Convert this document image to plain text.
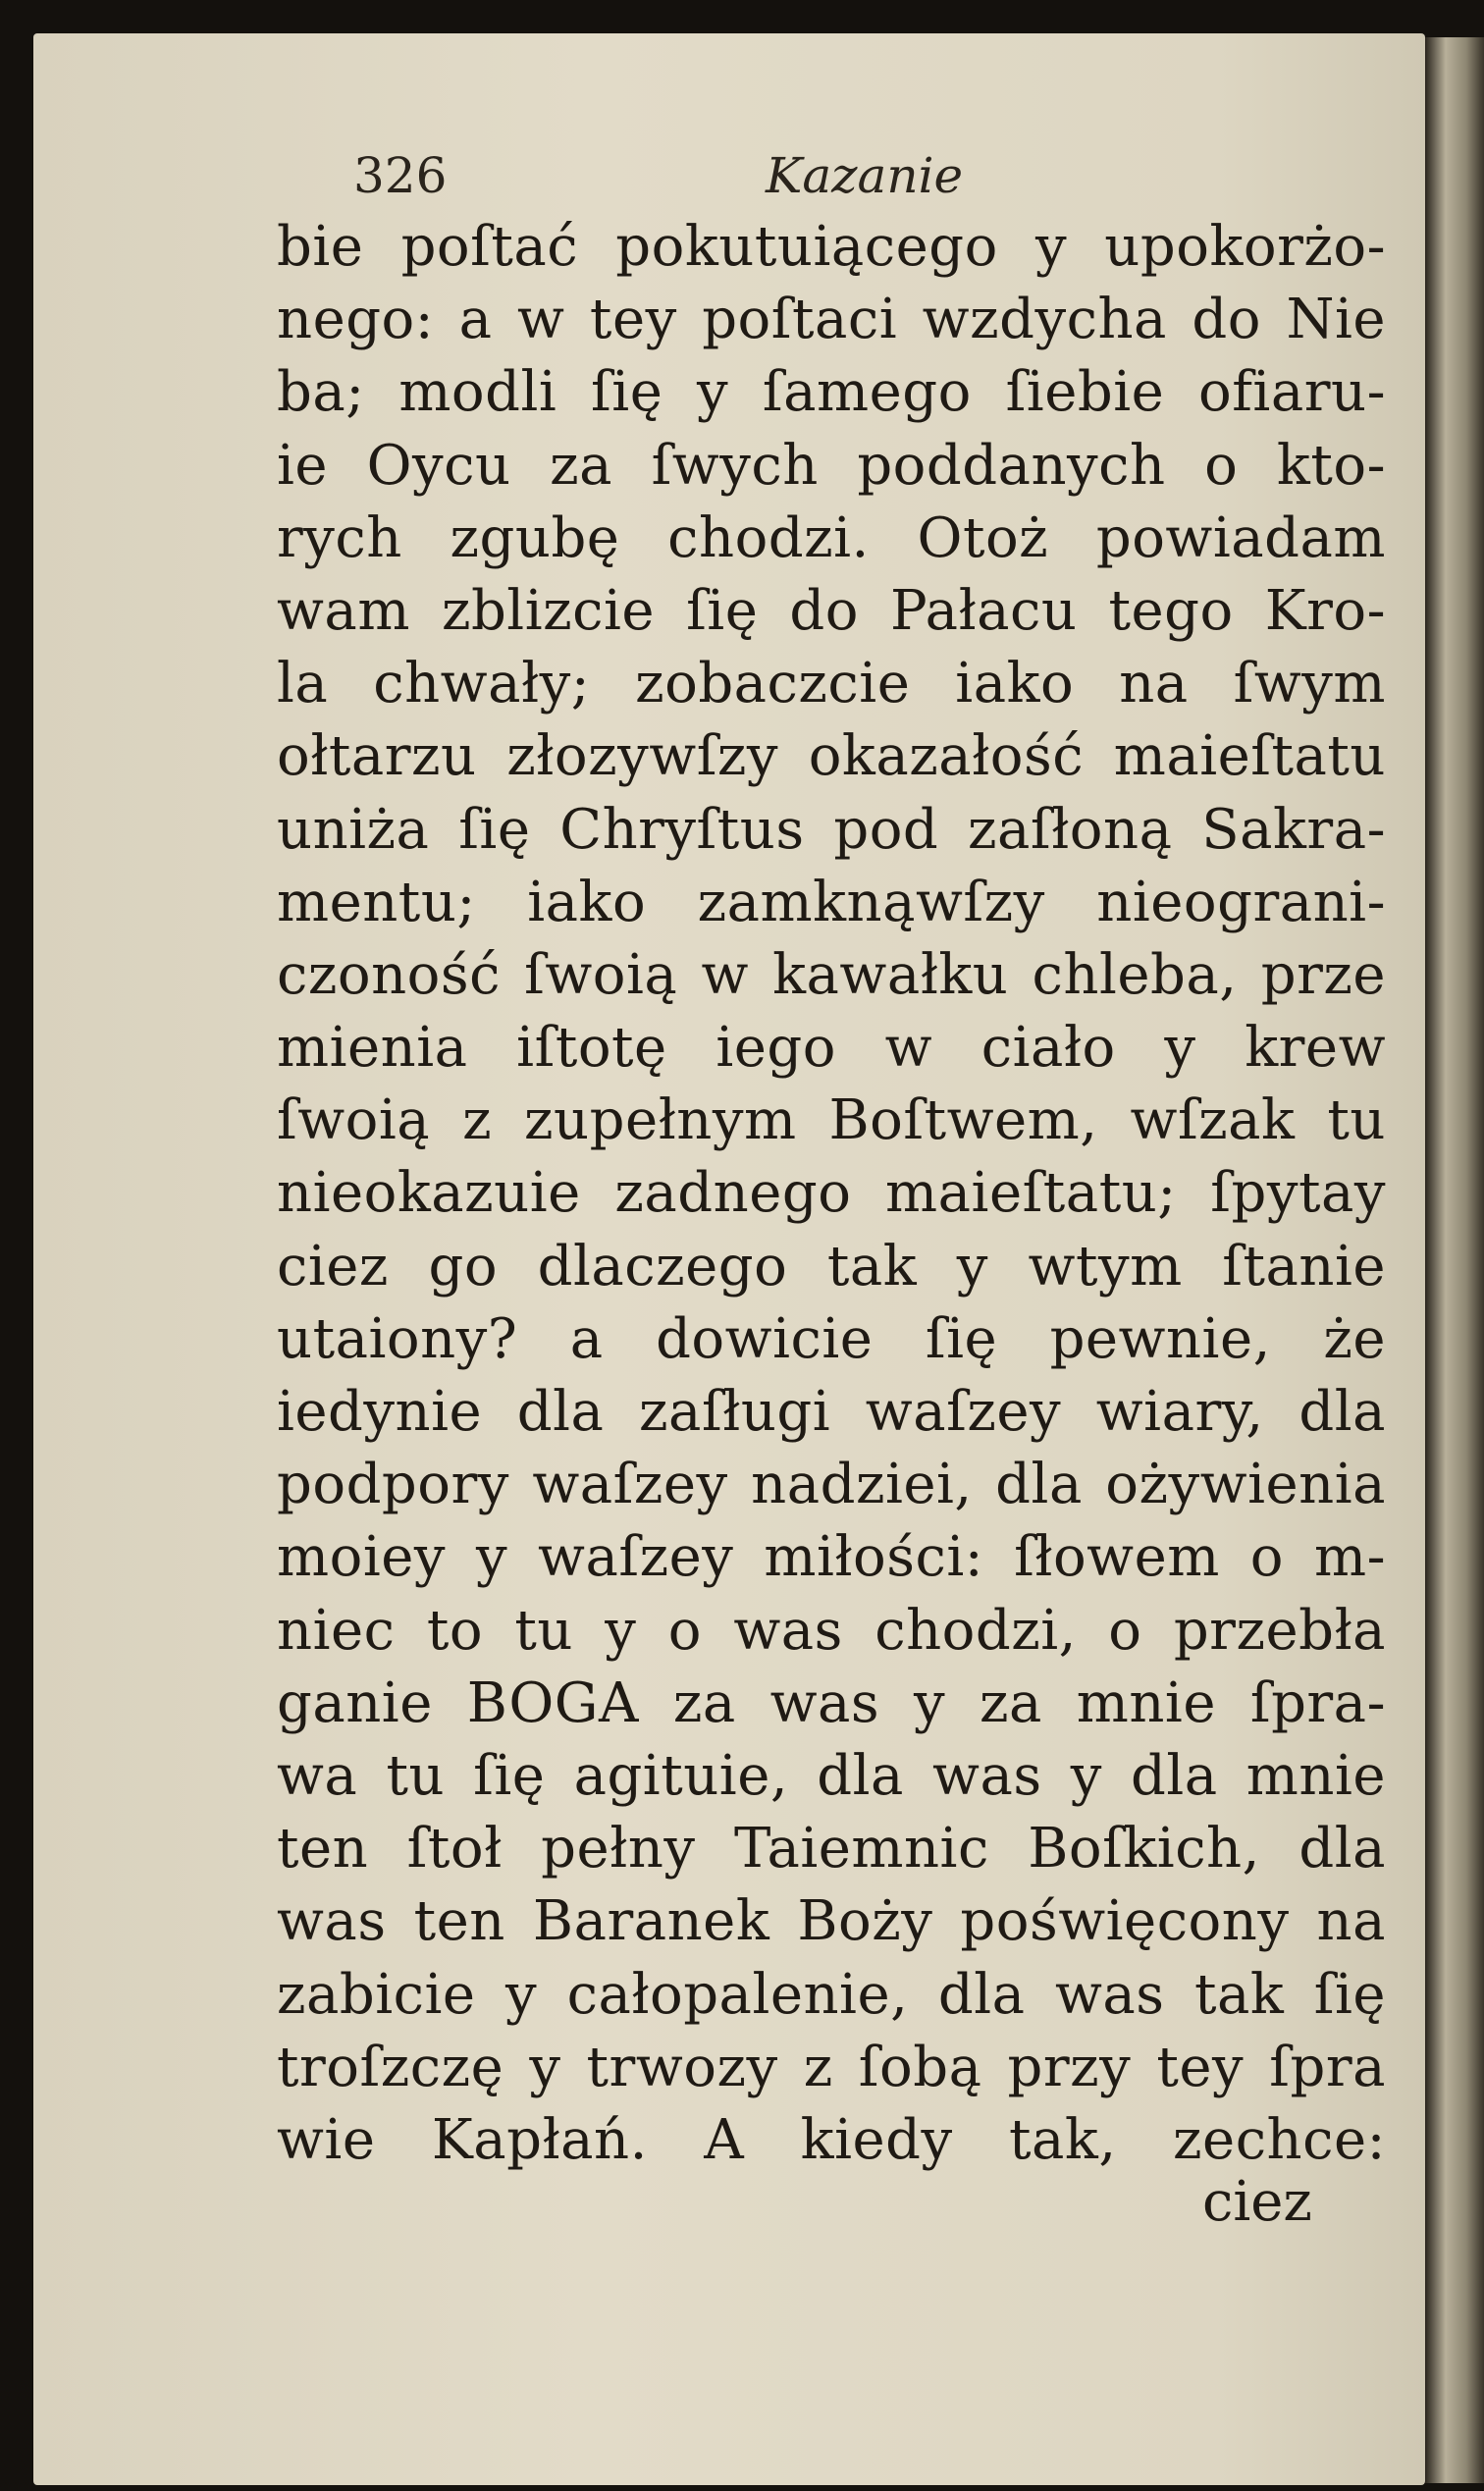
326	Kazanie
bie poſtać pokutuiącego y upokorżo-
nego: a w tey poſtaci wzdycha do Nie
ba; modli ſię y ſamego ſiebie ofiaru-
ie Oycu za ſwych poddanych o kto-
rych zgubę chodzi. Otoż powiadam
wam zblizcie ſię do Pałacu tego Kro-
la chwały; zobaczcie iako na ſwym
ołtarzu złozywſzy okazałość maieſtatu
uniża ſię Chryſtus pod zaſłoną Sakra-
mentu; iako zamknąwſzy nieograni-
czoność ſwoią w kawałku chleba, prze
mienia iſtotę iego w ciało y krew
ſwoią z zupełnym Boſtwem, wſzak tu
nieokazuie zadnego maieſtatu; ſpytay
ciez go dlaczego tak y wtym ſtanie
utaiony? a dowicie ſię pewnie, że
iedynie dla zaſługi waſzey wiary, dla
podpory waſzey nadziei, dla ożywienia
moiey y waſzey miłości: ſłowem o m-
niec to tu y o was chodzi, o przebła
ganie BOGA za was y za mnie ſpra-
wa tu ſię agituie, dla was y dla mnie
ten ſtoł pełny Taiemnic Boſkich, dla
was ten Baranek Boży poświęcony na
zabicie y całopalenie, dla was tak ſię
troſzczę y trwozy z ſobą przy tey ſpra
wie Kapłań. A kiedy tak, zechce:
ciez
